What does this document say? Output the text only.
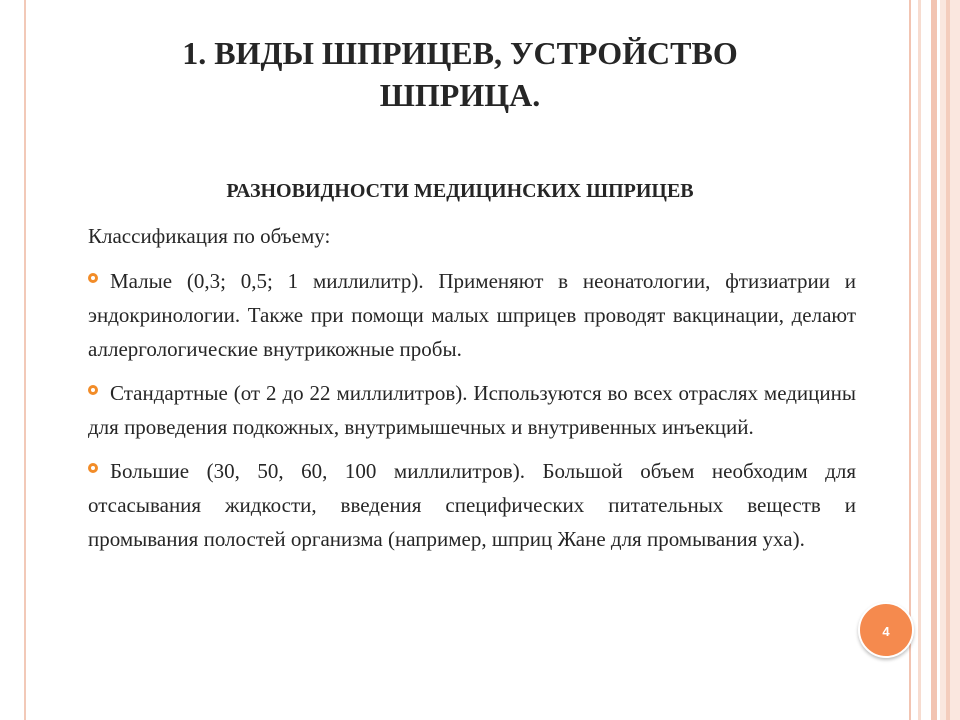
1. ВИДЫ ШПРИЦЕВ, УСТРОЙСТВО
ШПРИЦА.
РАЗНОВИДНОСТИ МЕДИЦИНСКИХ ШПРИЦЕВ
Классификация по объему:
Малые (0,3; 0,5; 1 миллилитр). Применяют в неонатологии, фтизиатрии и эндокринологии. Также при помощи малых шприцев проводят вакцинации, делают аллергологические внутрикожные пробы.
Стандартные (от 2 до 22 миллилитров). Используются во всех отраслях медицины для проведения подкожных, внутримышечных и внутривенных инъекций.
Большие (30, 50, 60, 100 миллилитров). Большой объем необходим для отсасывания жидкости, введения специфических питательных веществ и промывания полостей организма (например, шприц Жане для промывания уха).
4
